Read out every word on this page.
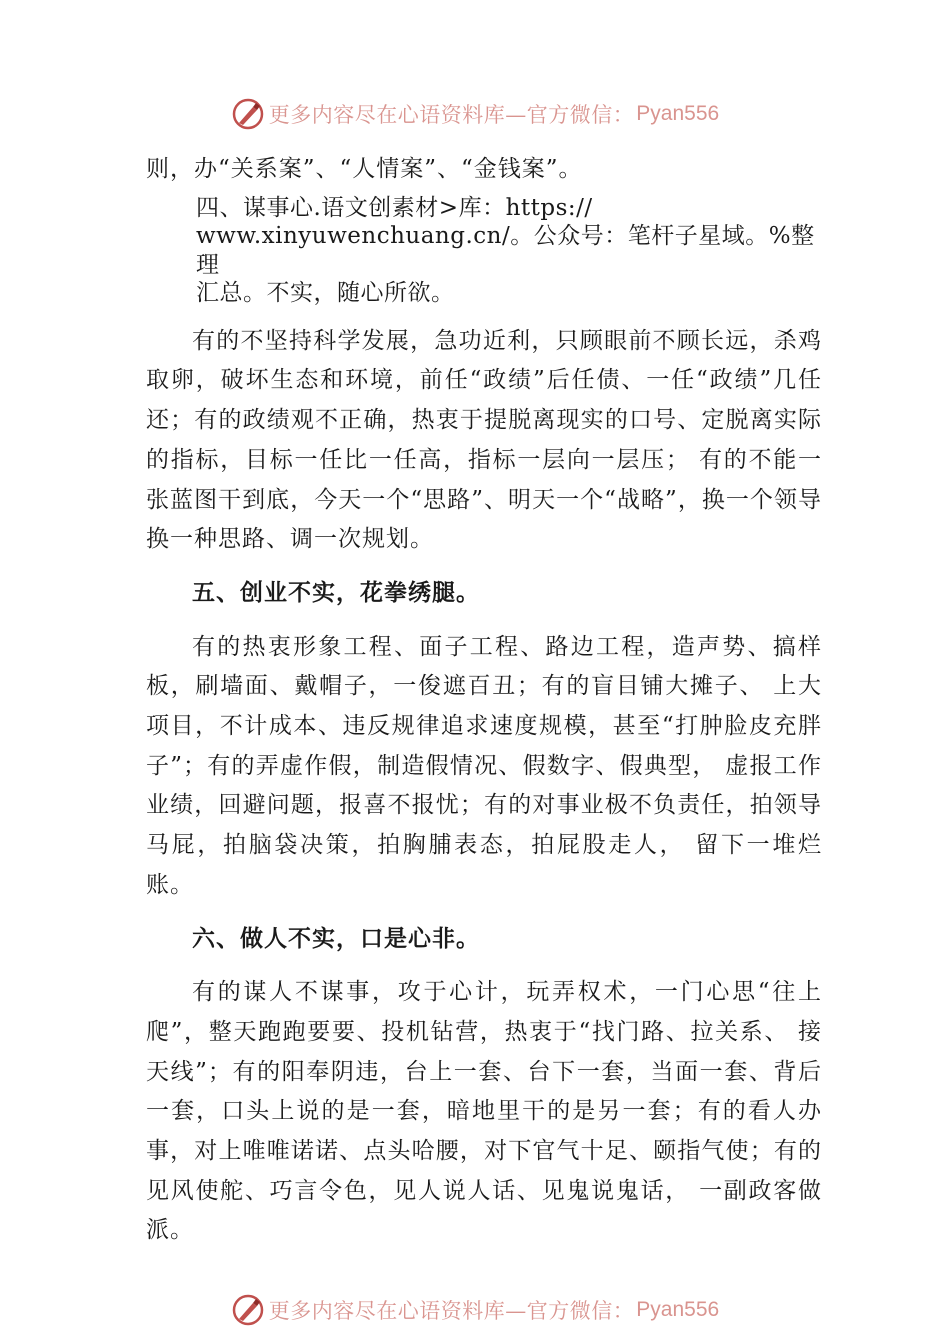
更多内容尽在心语资料库—官方微信： Pyan556

则，办“关系案”、“人情案”、“金钱案”。

四、谋事心.语文创素材>库：https://
www.xinyuwenchuang.cn/。公众号：笔杆子星域。%整理
汇总。不实，随心所欲。

有的不坚持科学发展，急功近利，只顾眼前不顾长远，杀鸡取卵，破坏生态和环境，前任“政绩”后任债、一任“政绩”几任还；有的政绩观不正确，热衷于提脱离现实的口号、定脱离实际的指标，目标一任比一任高，指标一层向一层压； 有的不能一张蓝图干到底，今天一个“思路”、明天一个“战略”，换一个领导换一种思路、调一次规划。

五、创业不实，花拳绣腿。

有的热衷形象工程、面子工程、路边工程，造声势、搞样板，刷墙面、戴帽子，一俊遮百丑；有的盲目铺大摊子、 上大项目，不计成本、违反规律追求速度规模，甚至“打肿脸皮充胖子”；有的弄虚作假，制造假情况、假数字、假典型， 虚报工作业绩，回避问题，报喜不报忧；有的对事业极不负责任，拍领导马屁，拍脑袋决策，拍胸脯表态，拍屁股走人， 留下一堆烂账。

六、做人不实，口是心非。

有的谋人不谋事，攻于心计，玩弄权术，一门心思“往上爬”，整天跑跑要要、投机钻营，热衷于“找门路、拉关系、 接天线”；有的阳奉阴违，台上一套、台下一套，当面一套、背后一套，口头上说的是一套，暗地里干的是另一套；有的看人办事，对上唯唯诺诺、点头哈腰，对下官气十足、颐指气使；有的见风使舵、巧言令色，见人说人话、见鬼说鬼话， 一副政客做派。

更多内容尽在心语资料库—官方微信： Pyan556
